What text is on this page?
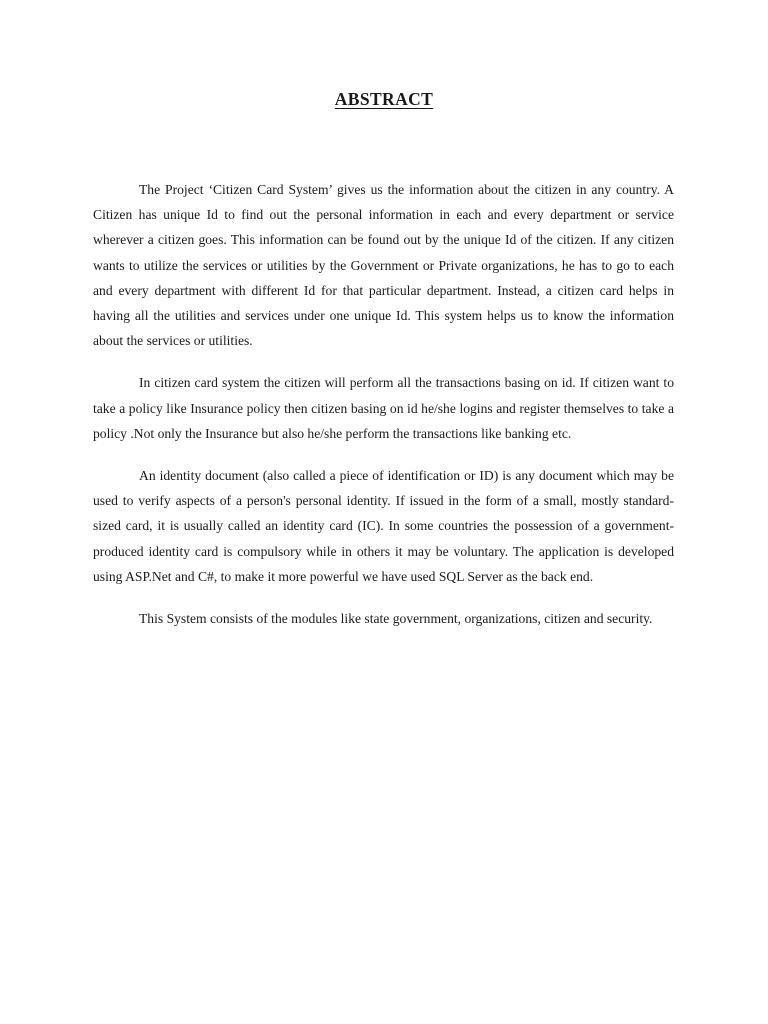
ABSTRACT

The Project ‘Citizen Card System’ gives us the information about the citizen in any country. A Citizen has unique Id to find out the personal information in each and every department or service wherever a citizen goes. This information can be found out by the unique Id of the citizen. If any citizen wants to utilize the services or utilities by the Government or Private organizations, he has to go to each and every department with different Id for that particular department. Instead, a citizen card helps in having all the utilities and services under one unique Id. This system helps us to know the information about the services or utilities.

In citizen card system the citizen will perform all the transactions basing on id. If citizen want to take a policy like Insurance policy then citizen basing on id he/she logins and register themselves to take a policy .Not only the Insurance but also he/she perform the transactions like banking etc.

An identity document (also called a piece of identification or ID) is any document which may be used to verify aspects of a person's personal identity. If issued in the form of a small, mostly standard-sized card, it is usually called an identity card (IC). In some countries the possession of a government-produced identity card is compulsory while in others it may be voluntary. The application is developed using ASP.Net and C#, to make it more powerful we have used SQL Server as the back end.

This System consists of the modules like state government, organizations, citizen and security.
